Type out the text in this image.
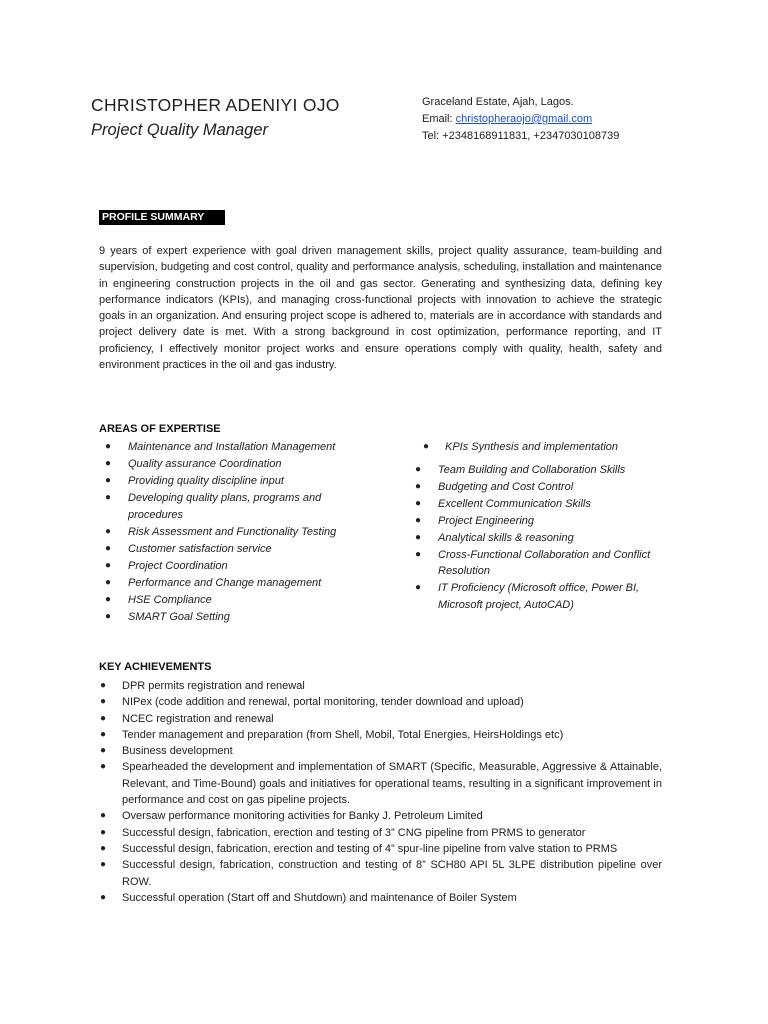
CHRISTOPHER ADENIYI OJO
Project Quality Manager
Graceland Estate, Ajah, Lagos.
Email: christopheraojo@gmail.com
Tel: +2348168911831, +2347030108739
PROFILE SUMMARY
9 years of expert experience with goal driven management skills, project quality assurance, team-building and supervision, budgeting and cost control, quality and performance analysis, scheduling, installation and maintenance in engineering construction projects in the oil and gas sector. Generating and synthesizing data, defining key performance indicators (KPIs), and managing cross-functional projects with innovation to achieve the strategic goals in an organization. And ensuring project scope is adhered to, materials are in accordance with standards and project delivery date is met. With a strong background in cost optimization, performance reporting, and IT proficiency, I effectively monitor project works and ensure operations comply with quality, health, safety and environment practices in the oil and gas industry.
AREAS OF EXPERTISE
● Maintenance and Installation Management
● Quality assurance Coordination
● Providing quality discipline input
● Developing quality plans, programs and procedures
● Risk Assessment and Functionality Testing
● Customer satisfaction service
● Project Coordination
● Performance and Change management
● HSE Compliance
● SMART Goal Setting
● KPIs Synthesis and implementation
● Team Building and Collaboration Skills
● Budgeting and Cost Control
● Excellent Communication Skills
● Project Engineering
● Analytical skills & reasoning
● Cross-Functional Collaboration and Conflict Resolution
● IT Proficiency (Microsoft office, Power BI, Microsoft project, AutoCAD)
KEY ACHIEVEMENTS
● DPR permits registration and renewal
● NIPex (code addition and renewal, portal monitoring, tender download and upload)
● NCEC registration and renewal
● Tender management and preparation (from Shell, Mobil, Total Energies, HeirsHoldings etc)
● Business development
● Spearheaded the development and implementation of SMART (Specific, Measurable, Aggressive & Attainable, Relevant, and Time-Bound) goals and initiatives for operational teams, resulting in a significant improvement in performance and cost on gas pipeline projects.
● Oversaw performance monitoring activities for Banky J. Petroleum Limited
● Successful design, fabrication, erection and testing of 3” CNG pipeline from PRMS to generator
● Successful design, fabrication, erection and testing of 4” spur-line pipeline from valve station to PRMS
● Successful design, fabrication, construction and testing of 8” SCH80 API 5L 3LPE distribution pipeline over ROW.
● Successful operation (Start off and Shutdown) and maintenance of Boiler System
